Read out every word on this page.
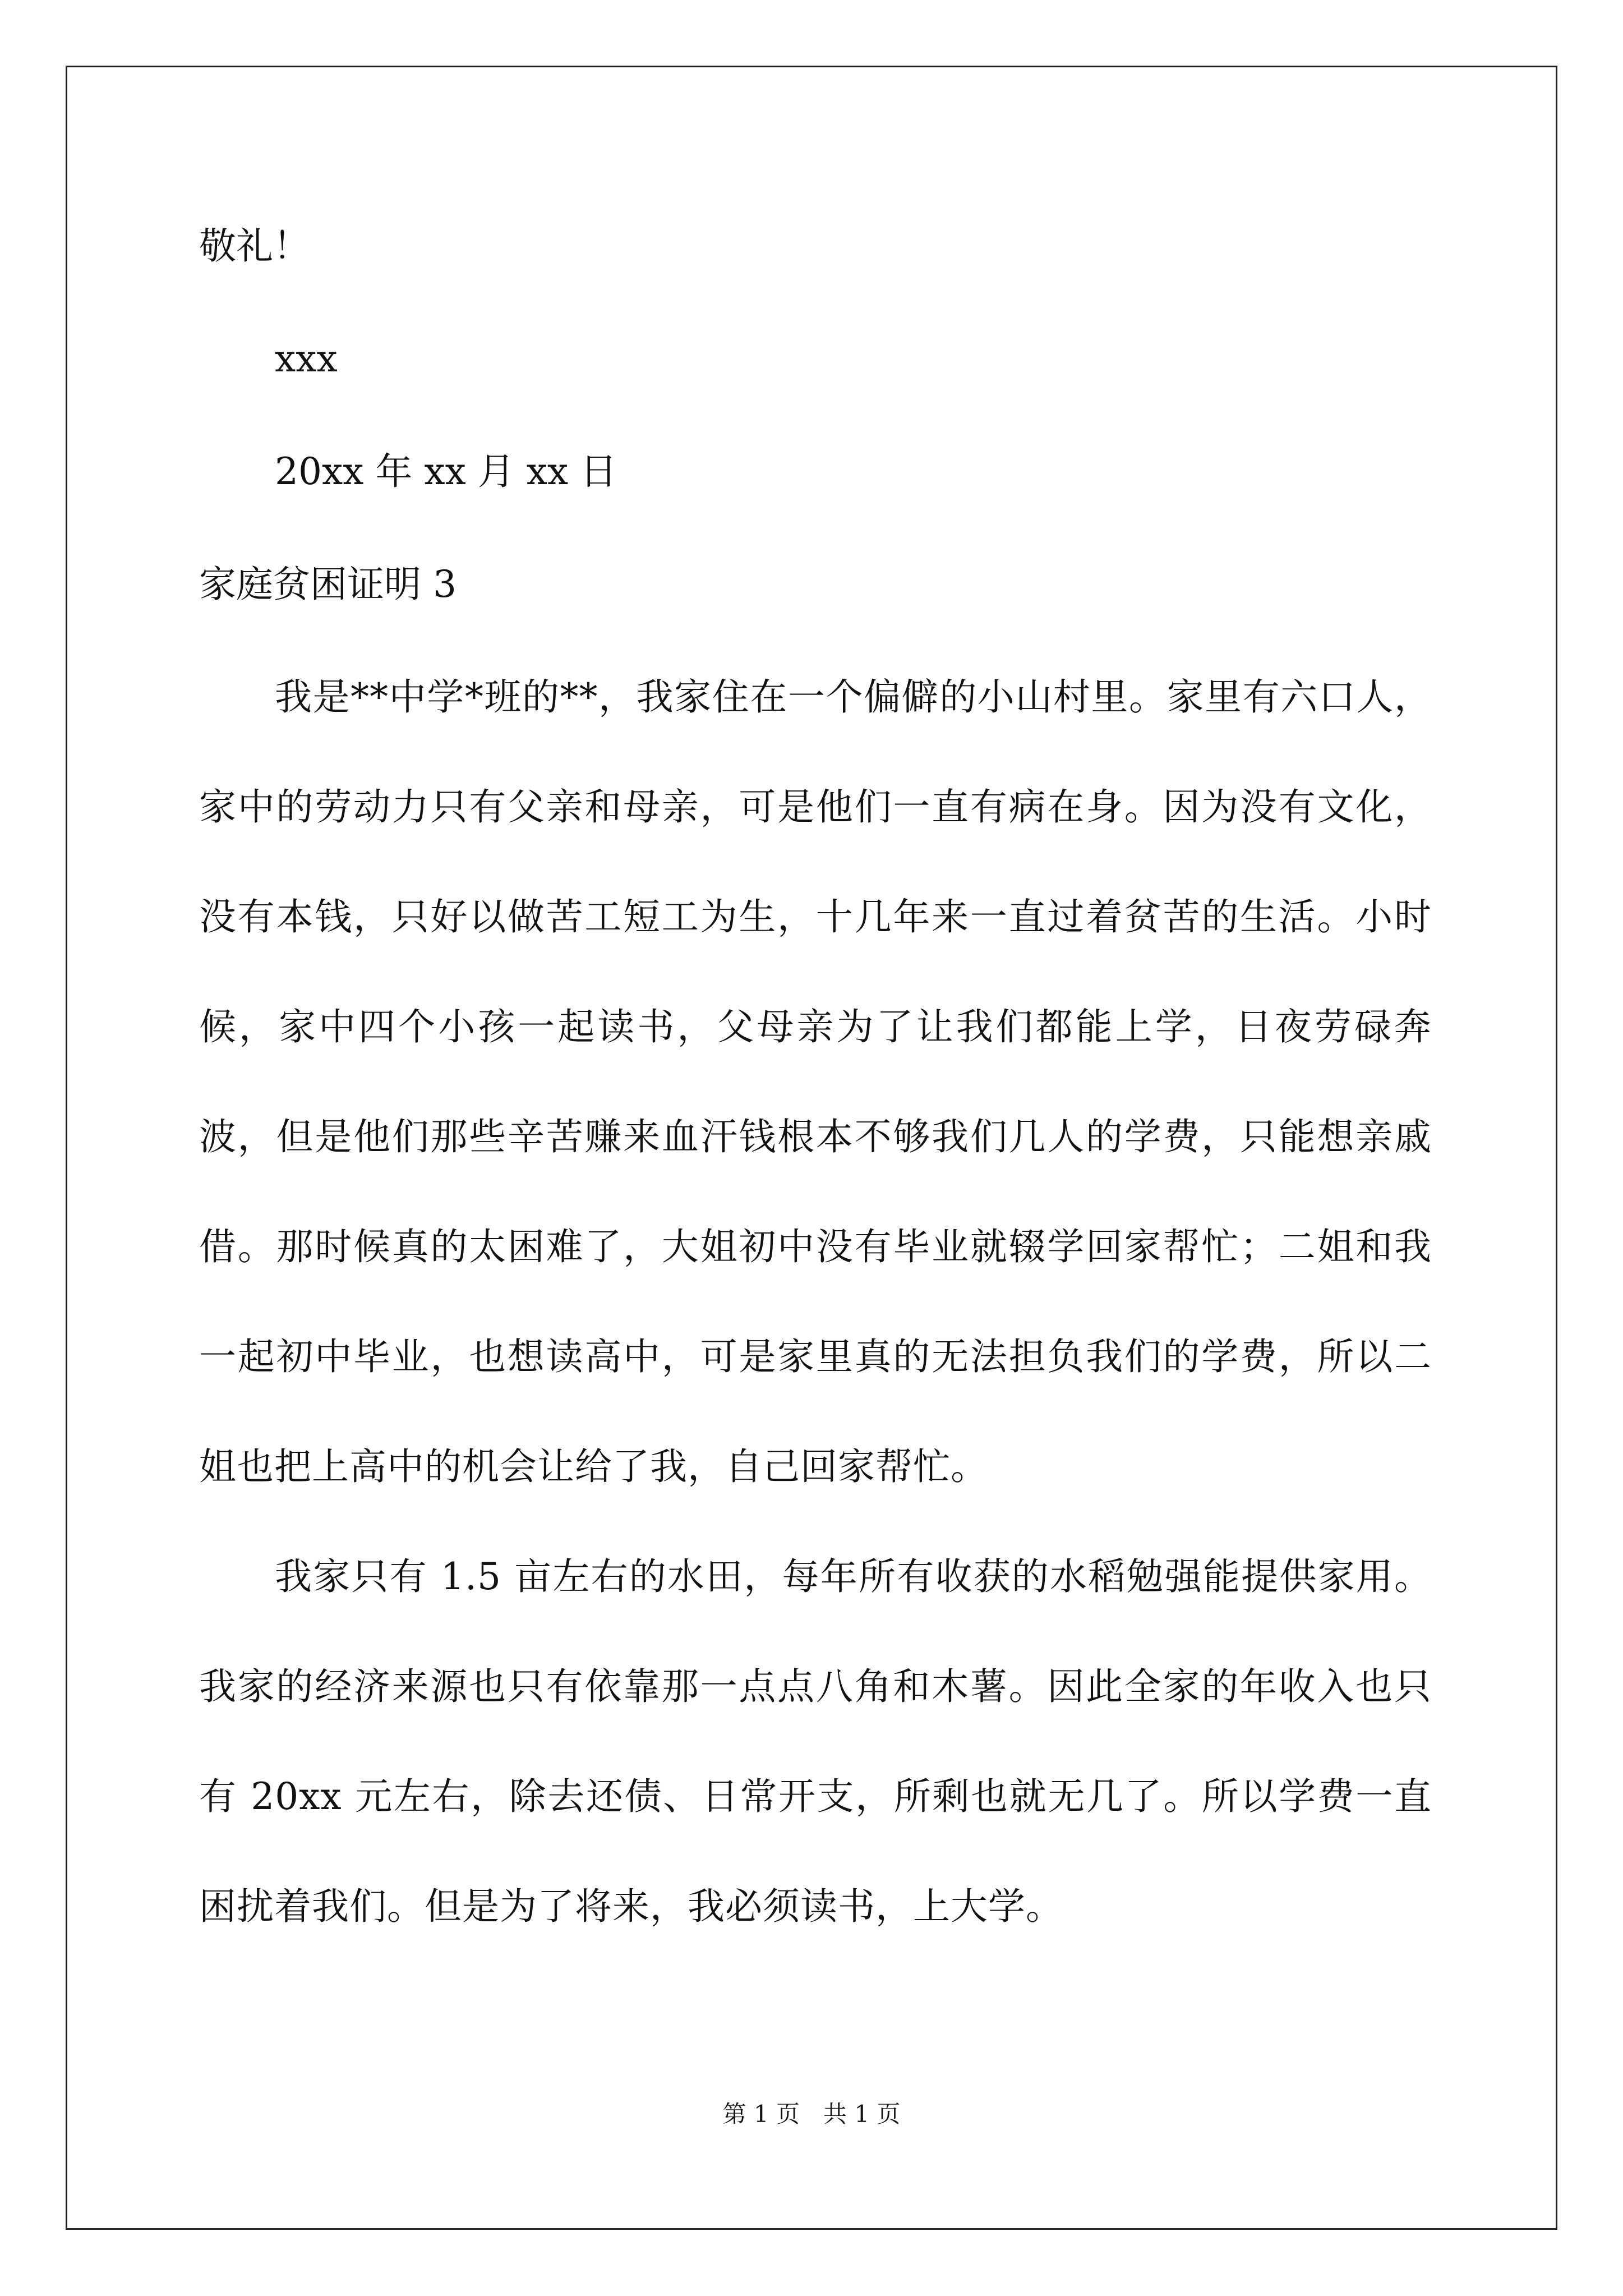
敬礼！

xxx

20xx 年 xx 月 xx 日

家庭贫困证明 3

我是**中学*班的**，我家住在一个偏僻的小山村里。家里有六口人，家中的劳动力只有父亲和母亲，可是他们一直有病在身。因为没有文化，没有本钱，只好以做苦工短工为生，十几年来一直过着贫苦的生活。小时候，家中四个小孩一起读书，父母亲为了让我们都能上学，日夜劳碌奔波，但是他们那些辛苦赚来血汗钱根本不够我们几人的学费，只能想亲戚借。那时候真的太困难了，大姐初中没有毕业就辍学回家帮忙；二姐和我一起初中毕业，也想读高中，可是家里真的无法担负我们的学费，所以二姐也把上高中的机会让给了我，自己回家帮忙。

我家只有 1.5 亩左右的水田，每年所有收获的水稻勉强能提供家用。我家的经济来源也只有依靠那一点点八角和木薯。因此全家的年收入也只有 20xx 元左右，除去还债、日常开支，所剩也就无几了。所以学费一直困扰着我们。但是为了将来，我必须读书，上大学。

第 1 页　共 1 页
